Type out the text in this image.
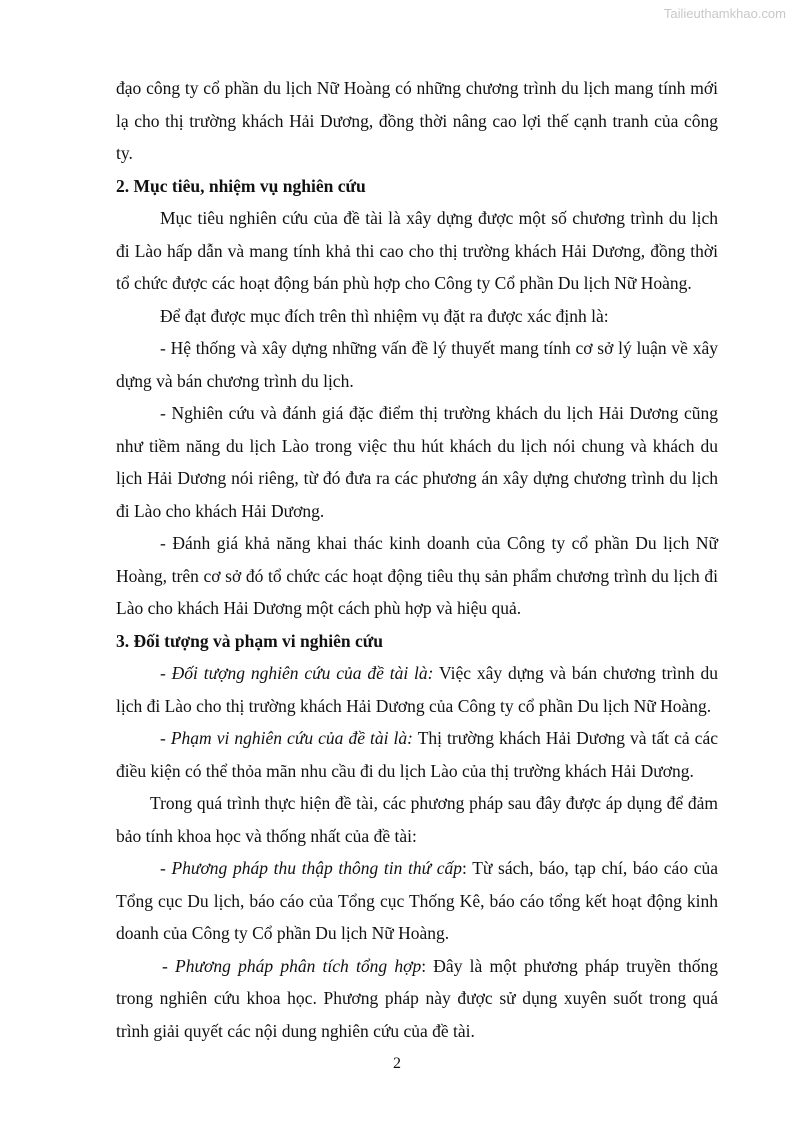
Tailieuthamkhao.com

đạo công ty cổ phần du lịch Nữ Hoàng có những chương trình du lịch mang tính mới lạ cho thị trường khách Hải Dương, đồng thời nâng cao lợi thế cạnh tranh của công ty.

2. Mục tiêu, nhiệm vụ nghiên cứu

Mục tiêu nghiên cứu của đề tài là xây dựng được một số chương trình du lịch đi Lào hấp dẫn và mang tính khả thi cao cho thị trường khách Hải Dương, đồng thời tổ chức được các hoạt động bán phù hợp cho Công ty Cổ phần Du lịch Nữ Hoàng.

Để đạt được mục đích trên thì nhiệm vụ đặt ra được xác định là:

- Hệ thống và xây dựng những vấn đề lý thuyết mang tính cơ sở lý luận về xây dựng và bán chương trình du lịch.

- Nghiên cứu và đánh giá đặc điểm thị trường khách du lịch Hải Dương cũng như tiềm năng du lịch Lào trong việc thu hút khách du lịch nói chung và khách du lịch Hải Dương nói riêng, từ đó đưa ra các phương án xây dựng chương trình du lịch đi Lào cho khách Hải Dương.

- Đánh giá khả năng khai thác kinh doanh của Công ty cổ phần Du lịch Nữ Hoàng, trên cơ sở đó tổ chức các hoạt động tiêu thụ sản phẩm chương trình du lịch đi Lào cho khách Hải Dương một cách phù hợp và hiệu quả.

3. Đối tượng và phạm vi nghiên cứu

- Đối tượng nghiên cứu của đề tài là: Việc xây dựng và bán chương trình du lịch đi Lào cho thị trường khách Hải Dương của Công ty cổ phần Du lịch Nữ Hoàng.

- Phạm vi nghiên cứu của đề tài là: Thị trường khách Hải Dương và tất cả các điều kiện có thể thỏa mãn nhu cầu đi du lịch Lào của thị trường khách Hải Dương.

Trong quá trình thực hiện đề tài, các phương pháp sau đây được áp dụng để đảm bảo tính khoa học và thống nhất của đề tài:

- Phương pháp thu thập thông tin thứ cấp: Từ sách, báo, tạp chí, báo cáo của Tổng cục Du lịch, báo cáo của Tổng cục Thống Kê, báo cáo tổng kết hoạt động kinh doanh của Công ty Cổ phần Du lịch Nữ Hoàng.

- Phương pháp phân tích tổng hợp: Đây là một phương pháp truyền thống trong nghiên cứu khoa học. Phương pháp này được sử dụng xuyên suốt trong quá trình giải quyết các nội dung nghiên cứu của đề tài.

2
